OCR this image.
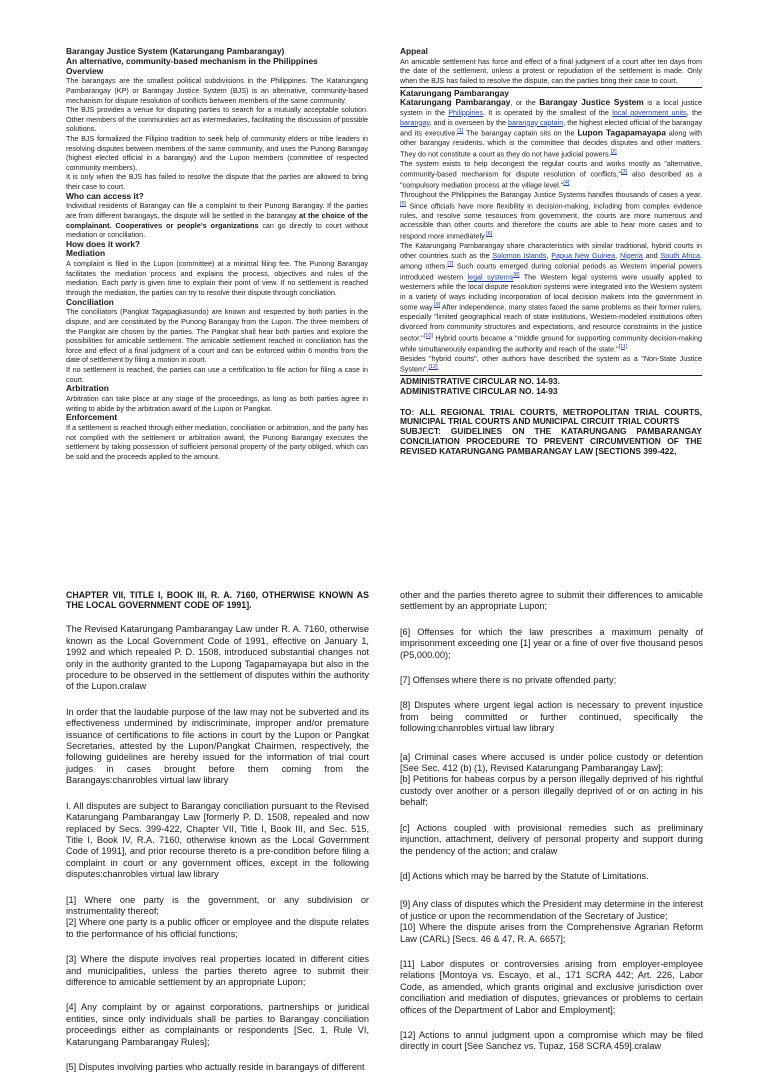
Barangay Justice System (Katarungang Pambarangay)

An alternative, community-based mechanism in the Philippines

Overview

The barangays are the smallest political subdivisions in the Philippines. The Katarungang Pambarangay (KP) or Barangay Justice System (BJS) is an alternative, community-based mechanism for dispute resolution of conflicts between members of the same community.

The BJS provides a venue for disputing parties to search for a mutually acceptable solution. Other members of the communities act as intermediaries, facilitating the discussion of possible solutions.

The BJS formalized the Filipino tradition to seek help of community elders or tribe leaders in resolving disputes between members of the same community, and uses the Punong Barangay (highest elected official in a barangay) and the Lupon members (committee of respected community members).

It is only when the BJS has failed to resolve the dispute that the parties are allowed to bring their case to court.

Who can access it?

Individual residents of Barangay can file a complaint to their Punong Barangay. If the parties are from different barangays, the dispute will be settled in the barangay at the choice of the complainant. Cooperatives or people's organizations can go directly to court without mediation or conciliation.

How does it work?

Mediation

A complaint is filed in the Lupon (committee) at a minimal filing fee. The Punong Barangay facilitates the mediation process and explains the process, objectives and rules of the mediation. Each party is given time to explain their point of view. If no settlement is reached through the mediation, the parties can try to resolve their dispute through conciliation.

Conciliation

The conciliators (Pangkat Tagapagkasundo) are known and respected by both parties in the dispute, and are constituted by the Punong Barangay from the Lupon. The three members of the Pangkat are chosen by the parties. The Pangkat shall hear both parties and explore the possibilities for amicable settlement. The amicable settlement reached in conciliation has the force and effect of a final judgment of a court and can be enforced within 6 months from the date of settlement by filing a motion in court.

If no settlement is reached, the parties can use a certification to file action for filing a case in court.

Arbitration

Arbitration can take place at any stage of the proceedings, as long as both parties agree in writing to abide by the arbitration award of the Lupon or Pangkat.

Enforcement

If a settlement is reached through either mediation, conciliation or arbitration, and the party has not complied with the settlement or arbitration award, the Punong Barangay executes the settlement by taking possession of sufficient personal property of the party obliged, which can be sold and the proceeds applied to the amount.

Appeal

An amicable settlement has force and effect of a final judgment of a court after ten days from the date of the settlement, unless a protest or repudiation of the settlement is made. Only when the BJS has failed to resolve the dispute, can the parties bring their case to court.

Katarungang Pambarangay

Katarungang Pambarangay, or the Barangay Justice System is a local justice system in the Philippines. It is operated by the smallest of the local government units, the barangay, and is overseen by the barangay captain, the highest elected official of the barangay and its executive.[1] The barangay captain sits on the Lupon Tagapamayapa along with other barangay residents, which is the committee that decides disputes and other matters. They do not constitute a court as they do not have judicial powers.[2]

The system exists to help decongest the regular courts and works mostly as "alternative, community-based mechanism for dispute resolution of conflicts,"[3] also described as a "compulsory mediation process at the village level."[4]

Throughout the Philippines the Barangay Justice Systems handles thousands of cases a year.[5] Since officials have more flexibility in decision-making, including from complex evidence rules, and resolve some resources from government, the courts are more numerous and accessible than other courts and therefore the courts are able to hear more cases and to respond more immediately.[6]

The Katarungang Pambarangay share characteristics with similar traditional, hybrid courts in other countries such as the Solomon Islands, Papua New Guinea, Nigeria and South Africa, among others.[7] Such courts emerged during colonial periods as Western imperial powers introduced western legal systems[8] The Western legal systems were usually applied to westerners while the local dispute resolution systems were integrated into the Western system in a variety of ways including incorporation of local decision makers into the government in some way.[9] After independence, many states faced the same problems as their former rulers, especially "limited geographical reach of state institutions, Western-modeled institutions often divorced from community structures and expectations, and resource constraints in the justice sector."[10] Hybrid courts became a "middle ground for supporting community decision-making while simultaneously expanding the authority and reach of the state."[11]

Besides "hybrid courts", other authors have described the system as a "Non-State Justice System".[12]

ADMINISTRATIVE CIRCULAR NO. 14-93.

ADMINISTRATIVE CIRCULAR NO. 14-93

TO: ALL REGIONAL TRIAL COURTS, METROPOLITAN TRIAL COURTS, MUNICIPAL TRIAL COURTS AND MUNICIPAL CIRCUIT TRIAL COURTS

SUBJECT: GUIDELINES ON THE KATARUNGANG PAMBARANGAY CONCILIATION PROCEDURE TO PREVENT CIRCUMVENTION OF THE REVISED KATARUNGANG PAMBARANGAY LAW [SECTIONS 399-422,

CHAPTER VII, TITLE I, BOOK III, R. A. 7160, OTHERWISE KNOWN AS THE LOCAL GOVERNMENT CODE OF 1991].

The Revised Katarungang Pambarangay Law under R. A. 7160, otherwise known as the Local Government Code of 1991, effective on January 1, 1992 and which repealed P. D. 1508, introduced substantial changes not only in the authority granted to the Lupong Tagapamayapa but also in the procedure to be observed in the settlement of disputes within the authority of the Lupon.cralaw

In order that the laudable purpose of the law may not be subverted and its effectiveness undermined by indiscriminate, improper and/or premature issuance of certifications to file actions in court by the Lupon or Pangkat Secretaries, attested by the Lupon/Pangkat Chairmen, respectively, the following guidelines are hereby issued for the information of trial court judges in cases brought before them coming from the Barangays:chanrobles virtual law library

I. All disputes are subject to Barangay conciliation pursuant to the Revised Katarungang Pambarangay Law [formerly P. D. 1508, repealed and now replaced by Secs. 399-422, Chapter VII, Title I, Book III, and Sec. 515, Title I, Book IV, R.A. 7160, otherwise known as the Local Government Code of 1991], and prior recourse thereto is a pre-condition before filing a complaint in court or any government offices, except in the following disputes:chanrobles virtual law library

[1] Where one party is the government, or any subdivision or instrumentality thereof;

[2] Where one party is a public officer or employee and the dispute relates to the performance of his official functions;

[3] Where the dispute involves real properties located in different cities and municipalities, unless the parties thereto agree to submit their difference to amicable settlement by an appropriate Lupon;

[4] Any complaint by or against corporations, partnerships or juridical entities, since only individuals shall be parties to Barangay conciliation proceedings either as complainants or respondents [Sec. 1, Rule VI, Katarungang Pambarangay Rules];

[5] Disputes involving parties who actually reside in barangays of different

other and the parties thereto agree to submit their differences to amicable settlement by an appropriate Lupon;

[6] Offenses for which the law prescribes a maximum penalty of imprisonment exceeding one [1] year or a fine of over five thousand pesos (P5,000.00);

[7] Offenses where there is no private offended party;

[8] Disputes where urgent legal action is necessary to prevent injustice from being committed or further continued, specifically the following:chanrobles virtual law library

[a] Criminal cases where accused is under police custody or detention [See Sec. 412 (b) (1), Revised Katarungang Pambarangay Law];

[b] Petitions for habeas corpus by a person illegally deprived of his rightful custody over another or a person illegally deprived of or on acting in his behalf;

[c] Actions coupled with provisional remedies such as preliminary injunction, attachment, delivery of personal property and support during the pendency of the action; and cralaw

[d] Actions which may be barred by the Statute of Limitations.

[9] Any class of disputes which the President may determine in the interest of justice or upon the recommendation of the Secretary of Justice;

[10] Where the dispute arises from the Comprehensive Agrarian Reform Law (CARL) [Secs. 46 & 47, R. A. 6657];

[11] Labor disputes or controversies arising from employer-employee relations [Montoya vs. Escayo, et al., 171 SCRA 442; Art. 226, Labor Code, as amended, which grants original and exclusive jurisdiction over conciliation and mediation of disputes, grievances or problems to certain offices of the Department of Labor and Employment];

[12] Actions to annul judgment upon a compromise which may be filed directly in court [See Sanchez vs. Tupaz, 158 SCRA 459].cralaw
